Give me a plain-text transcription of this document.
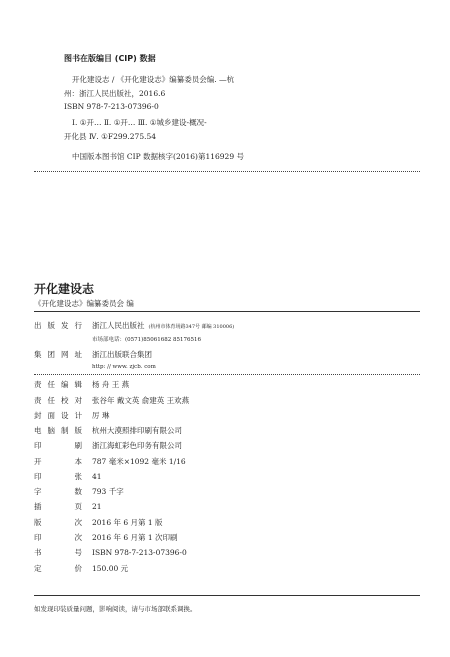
图书在版编目 (CIP) 数据
开化建设志 / 《开化建设志》编纂委员会编. —杭
州：浙江人民出版社，2016.6
ISBN 978-7-213-07396-0
Ⅰ. ①开… Ⅱ. ①开… Ⅲ. ①城乡建设-概况-
开化县 Ⅳ. ①F299.275.54
中国版本图书馆 CIP 数据核字(2016)第116929 号
开化建设志
《开化建设志》编纂委员会 编
出版发行 浙江人民出版社 (杭州市体育场路347号 邮编 310006)
市场部电话：(0571)85061682 85176516
集团网址 浙江出版联合集团
http: // www. zjcb. com
责任编辑 杨 舟 王 燕
责任校对 张谷年 戴文英 俞建英 王欢燕
封面设计 厉 琳
电脑制版 杭州大漠照排印刷有限公司
印刷 浙江海虹彩色印务有限公司
开本 787 毫米×1092 毫米 1/16
印张 41
字数 793 千字
插页 21
版次 2016 年 6 月第 1 版
印次 2016 年 6 月第 1 次印刷
书号 ISBN 978-7-213-07396-0
定价 150.00 元
如发现印装质量问题，影响阅读，请与市场部联系调换。
